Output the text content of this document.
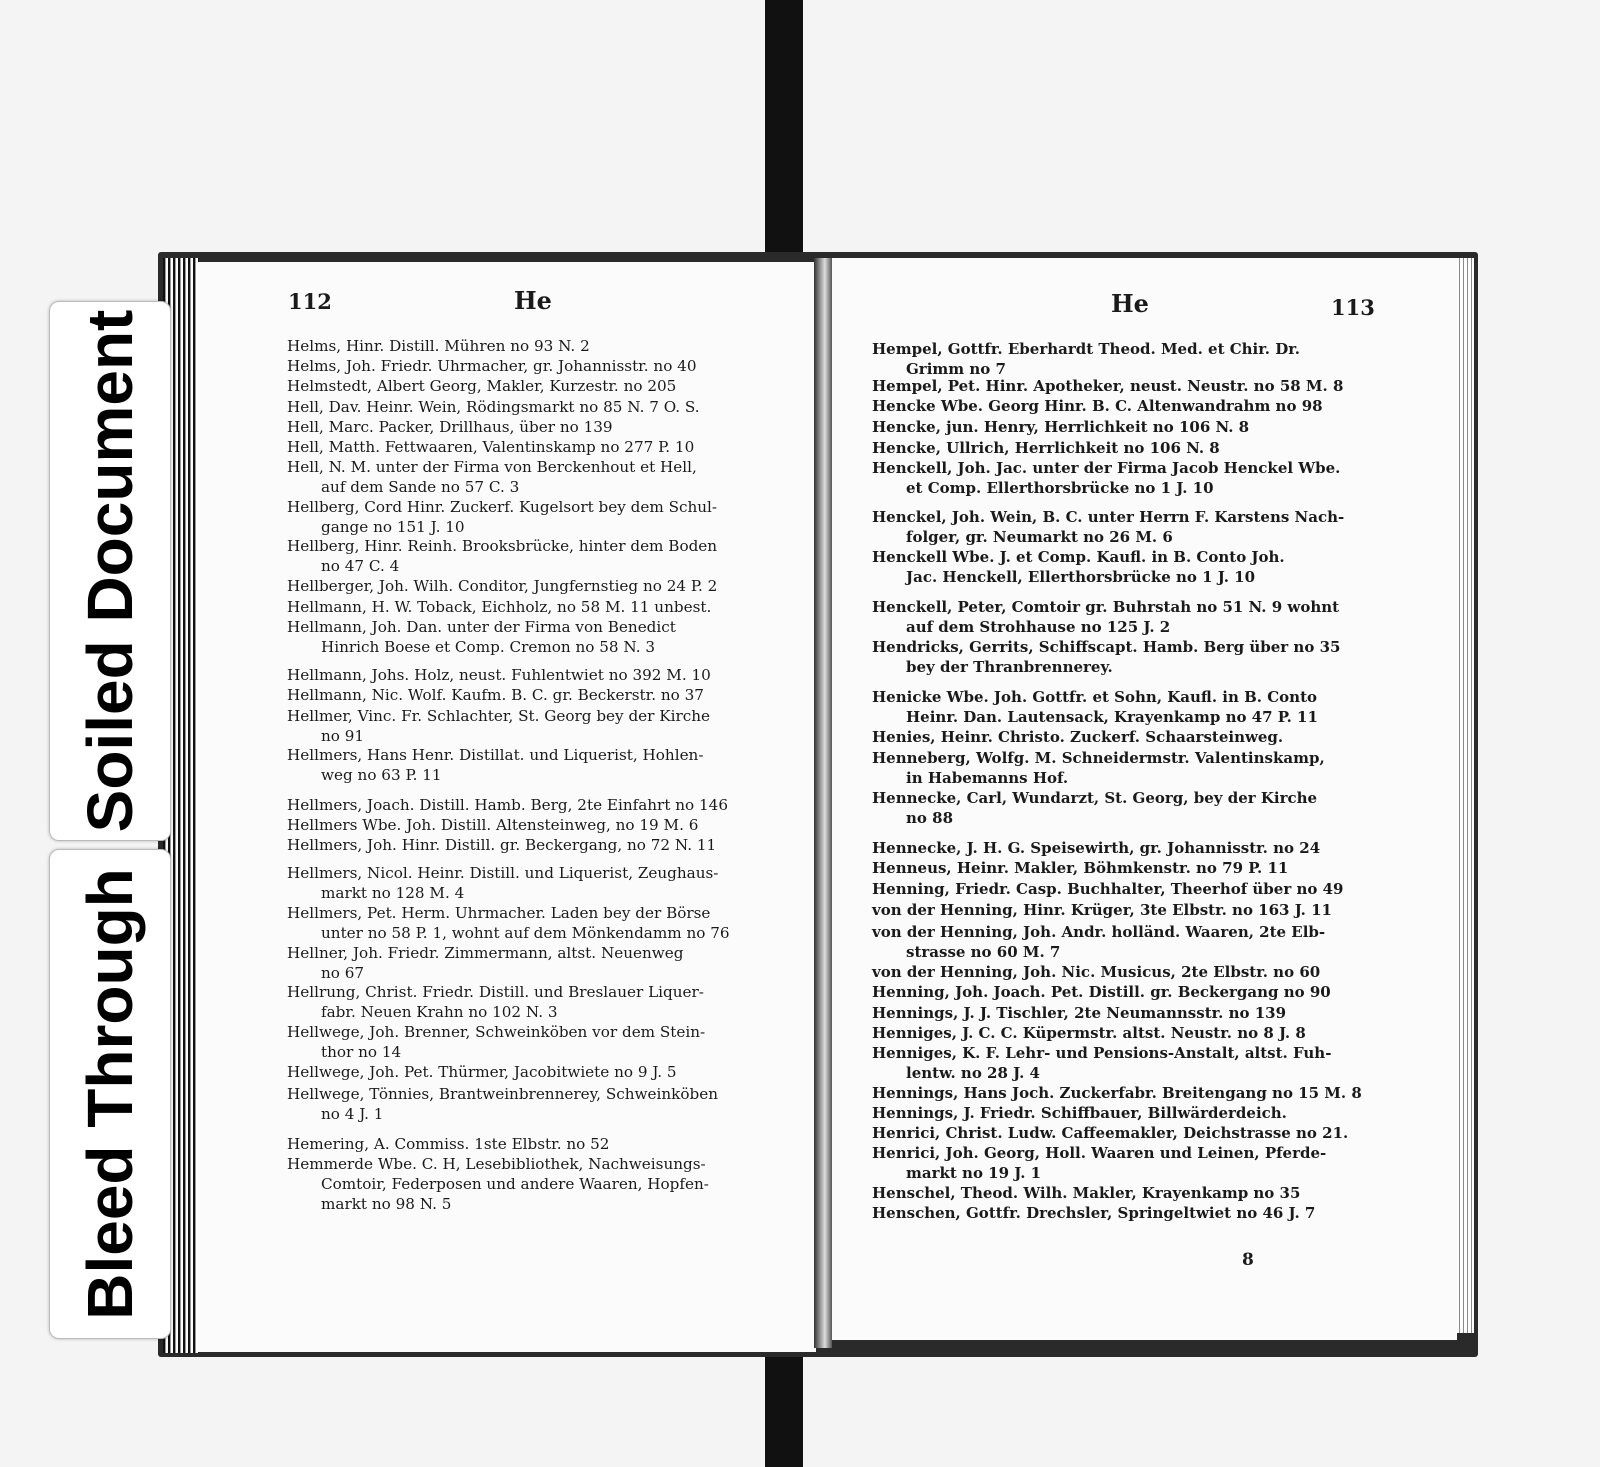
112	He	He	113
Helms, Hinr. Distill. Mühren no 93 N. 2
Helms, Joh. Friedr. Uhrmacher, gr. Johannisstr. no 40
Helmstedt, Albert Georg, Makler, Kurzestr. no 205
Hell, Dav. Heinr. Wein, Rödingsmarkt no 85 N. 7 O. S.
Hell, Marc. Packer, Drillhaus, über no 139
Hell, Matth. Fettwaaren, Valentinskamp no 277 P. 10
Hell, N. M. unter der Firma von Berckenhout et Hell,
auf dem Sande no 57 C. 3
Hellberg, Cord Hinr. Zuckerf. Kugelsort bey dem Schul-
gange no 151 J. 10
Hellberg, Hinr. Reinh. Brooksbrücke, hinter dem Boden
no 47 C. 4
Hellberger, Joh. Wilh. Conditor, Jungfernstieg no 24 P. 2
Hellmann, H. W. Toback, Eichholz, no 58 M. 11 unbest.
Hellmann, Joh. Dan. unter der Firma von Benedict
Hinrich Boese et Comp. Cremon no 58 N. 3
Hellmann, Johs. Holz, neust. Fuhlentwiet no 392 M. 10
Hellmann, Nic. Wolf. Kaufm. B. C. gr. Beckerstr. no 37
Hellmer, Vinc. Fr. Schlachter, St. Georg bey der Kirche
no 91
Hellmers, Hans Henr. Distillat. und Liquerist, Hohlen-
weg no 63 P. 11
Hellmers, Joach. Distill. Hamb. Berg, 2te Einfahrt no 146
Hellmers Wbe. Joh. Distill. Altensteinweg, no 19 M. 6
Hellmers, Joh. Hinr. Distill. gr. Beckergang, no 72 N. 11
Hellmers, Nicol. Heinr. Distill. und Liquerist, Zeughaus-
markt no 128 M. 4
Hellmers, Pet. Herm. Uhrmacher. Laden bey der Börse
unter no 58 P. 1, wohnt auf dem Mönkendamm no 76
Hellner, Joh. Friedr. Zimmermann, altst. Neuenweg
no 67
Hellrung, Christ. Friedr. Distill. und Breslauer Liquer-
fabr. Neuen Krahn no 102 N. 3
Hellwege, Joh. Brenner, Schweinköben vor dem Stein-
thor no 14
Hellwege, Joh. Pet. Thürmer, Jacobitwiete no 9 J. 5
Hellwege, Tönnies, Brantweinbrennerey, Schweinköben
no 4 J. 1
Hemering, A. Commiss. 1ste Elbstr. no 52
Hemmerde Wbe. C. H, Lesebibliothek, Nachweisungs-
Comtoir, Federposen und andere Waaren, Hopfen-
markt no 98 N. 5
Hempel, Gottfr. Eberhardt Theod. Med. et Chir. Dr.
Grimm no 7
Hempel, Pet. Hinr. Apotheker, neust. Neustr. no 58 M. 8
Hencke Wbe. Georg Hinr. B. C. Altenwandrahm no 98
Hencke, jun. Henry, Herrlichkeit no 106 N. 8
Hencke, Ullrich, Herrlichkeit no 106 N. 8
Henckell, Joh. Jac. unter der Firma Jacob Henckel Wbe.
et Comp. Ellerthorsbrücke no 1 J. 10
Henckel, Joh. Wein, B. C. unter Herrn F. Karstens Nach-
folger, gr. Neumarkt no 26 M. 6
Henckell Wbe. J. et Comp. Kaufl. in B. Conto Joh.
Jac. Henckell, Ellerthorsbrücke no 1 J. 10
Henckell, Peter, Comtoir gr. Buhrstah no 51 N. 9 wohnt
auf dem Strohhause no 125 J. 2
Hendricks, Gerrits, Schiffscapt. Hamb. Berg über no 35
bey der Thranbrennerey.
Henicke Wbe. Joh. Gottfr. et Sohn, Kaufl. in B. Conto
Heinr. Dan. Lautensack, Krayenkamp no 47 P. 11
Henies, Heinr. Christo. Zuckerf. Schaarsteinweg.
Henneberg, Wolfg. M. Schneidermstr. Valentinskamp,
in Habemanns Hof.
Hennecke, Carl, Wundarzt, St. Georg, bey der Kirche
no 88
Hennecke, J. H. G. Speisewirth, gr. Johannisstr. no 24
Henneus, Heinr. Makler, Böhmkenstr. no 79 P. 11
Henning, Friedr. Casp. Buchhalter, Theerhof über no 49
von der Henning, Hinr. Krüger, 3te Elbstr. no 163 J. 11
von der Henning, Joh. Andr. holländ. Waaren, 2te Elb-
strasse no 60 M. 7
von der Henning, Joh. Nic. Musicus, 2te Elbstr. no 60
Henning, Joh. Joach. Pet. Distill. gr. Beckergang no 90
Hennings, J. J. Tischler, 2te Neumannsstr. no 139
Henniges, J. C. C. Küpermstr. altst. Neustr. no 8 J. 8
Henniges, K. F. Lehr- und Pensions-Anstalt, altst. Fuh-
lentw. no 28 J. 4
Hennings, Hans Joch. Zuckerfabr. Breitengang no 15 M. 8
Hennings, J. Friedr. Schiffbauer, Billwärderdeich.
Henrici, Christ. Ludw. Caffeemakler, Deichstrasse no 21.
Henrici, Joh. Georg, Holl. Waaren und Leinen, Pferde-
markt no 19 J. 1
Henschel, Theod. Wilh. Makler, Krayenkamp no 35
Henschen, Gottfr. Drechsler, Springeltwiet no 46 J. 7
8
Soiled Document
Bleed Through
